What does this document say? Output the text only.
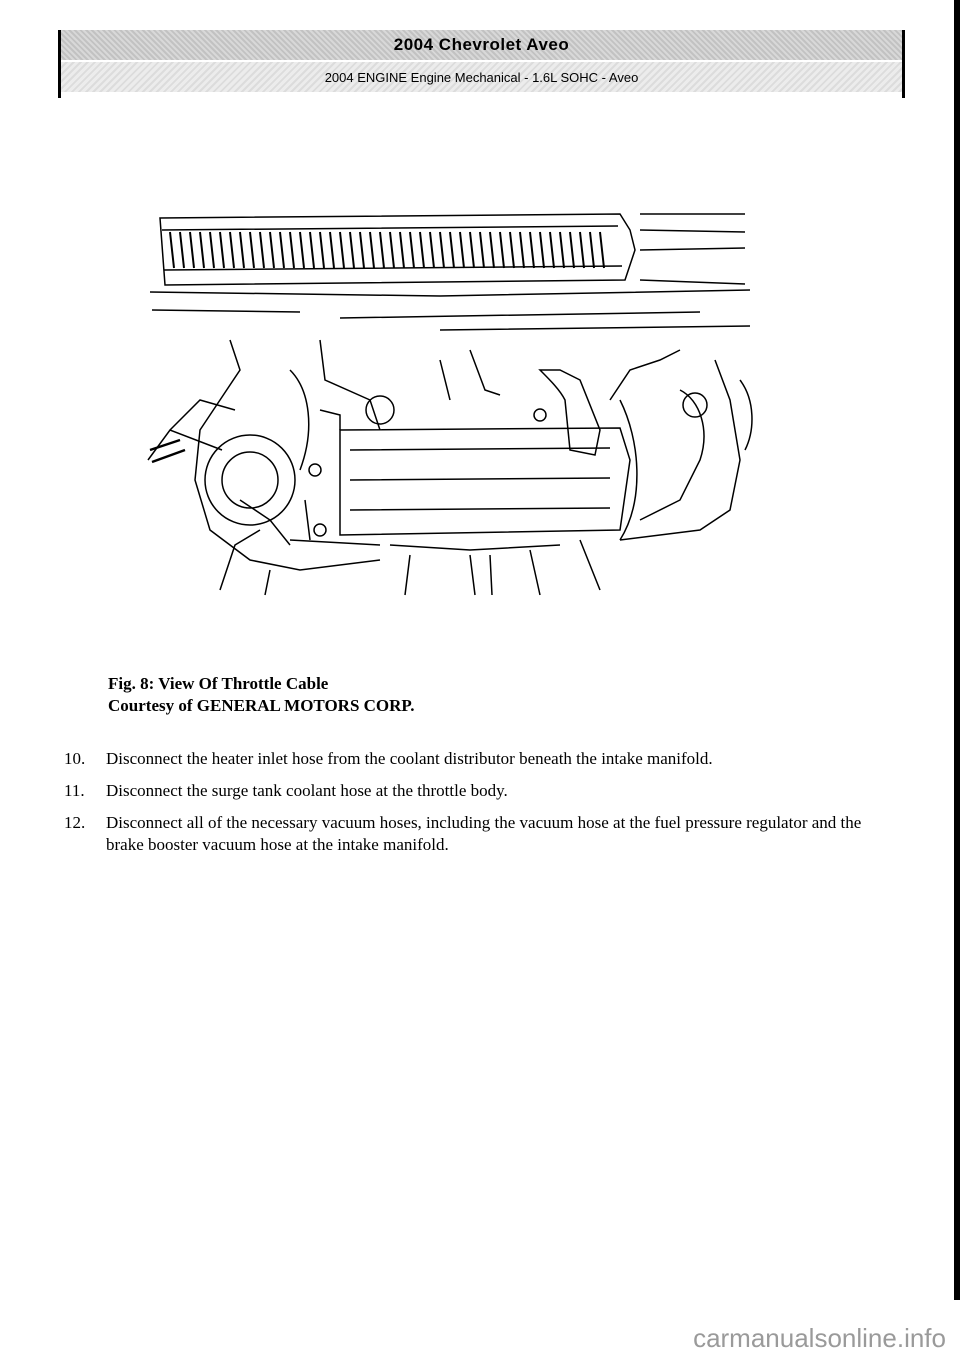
2004 Chevrolet Aveo
2004 ENGINE Engine Mechanical - 1.6L SOHC - Aveo
Fig. 8: View Of Throttle Cable
Courtesy of GENERAL MOTORS CORP.
10.	Disconnect the heater inlet hose from the coolant distributor beneath the intake manifold.
11.	Disconnect the surge tank coolant hose at the throttle body.
12.	Disconnect all of the necessary vacuum hoses, including the vacuum hose at the fuel pressure regulator and the brake booster vacuum hose at the intake manifold.
carmanualsonline.info
